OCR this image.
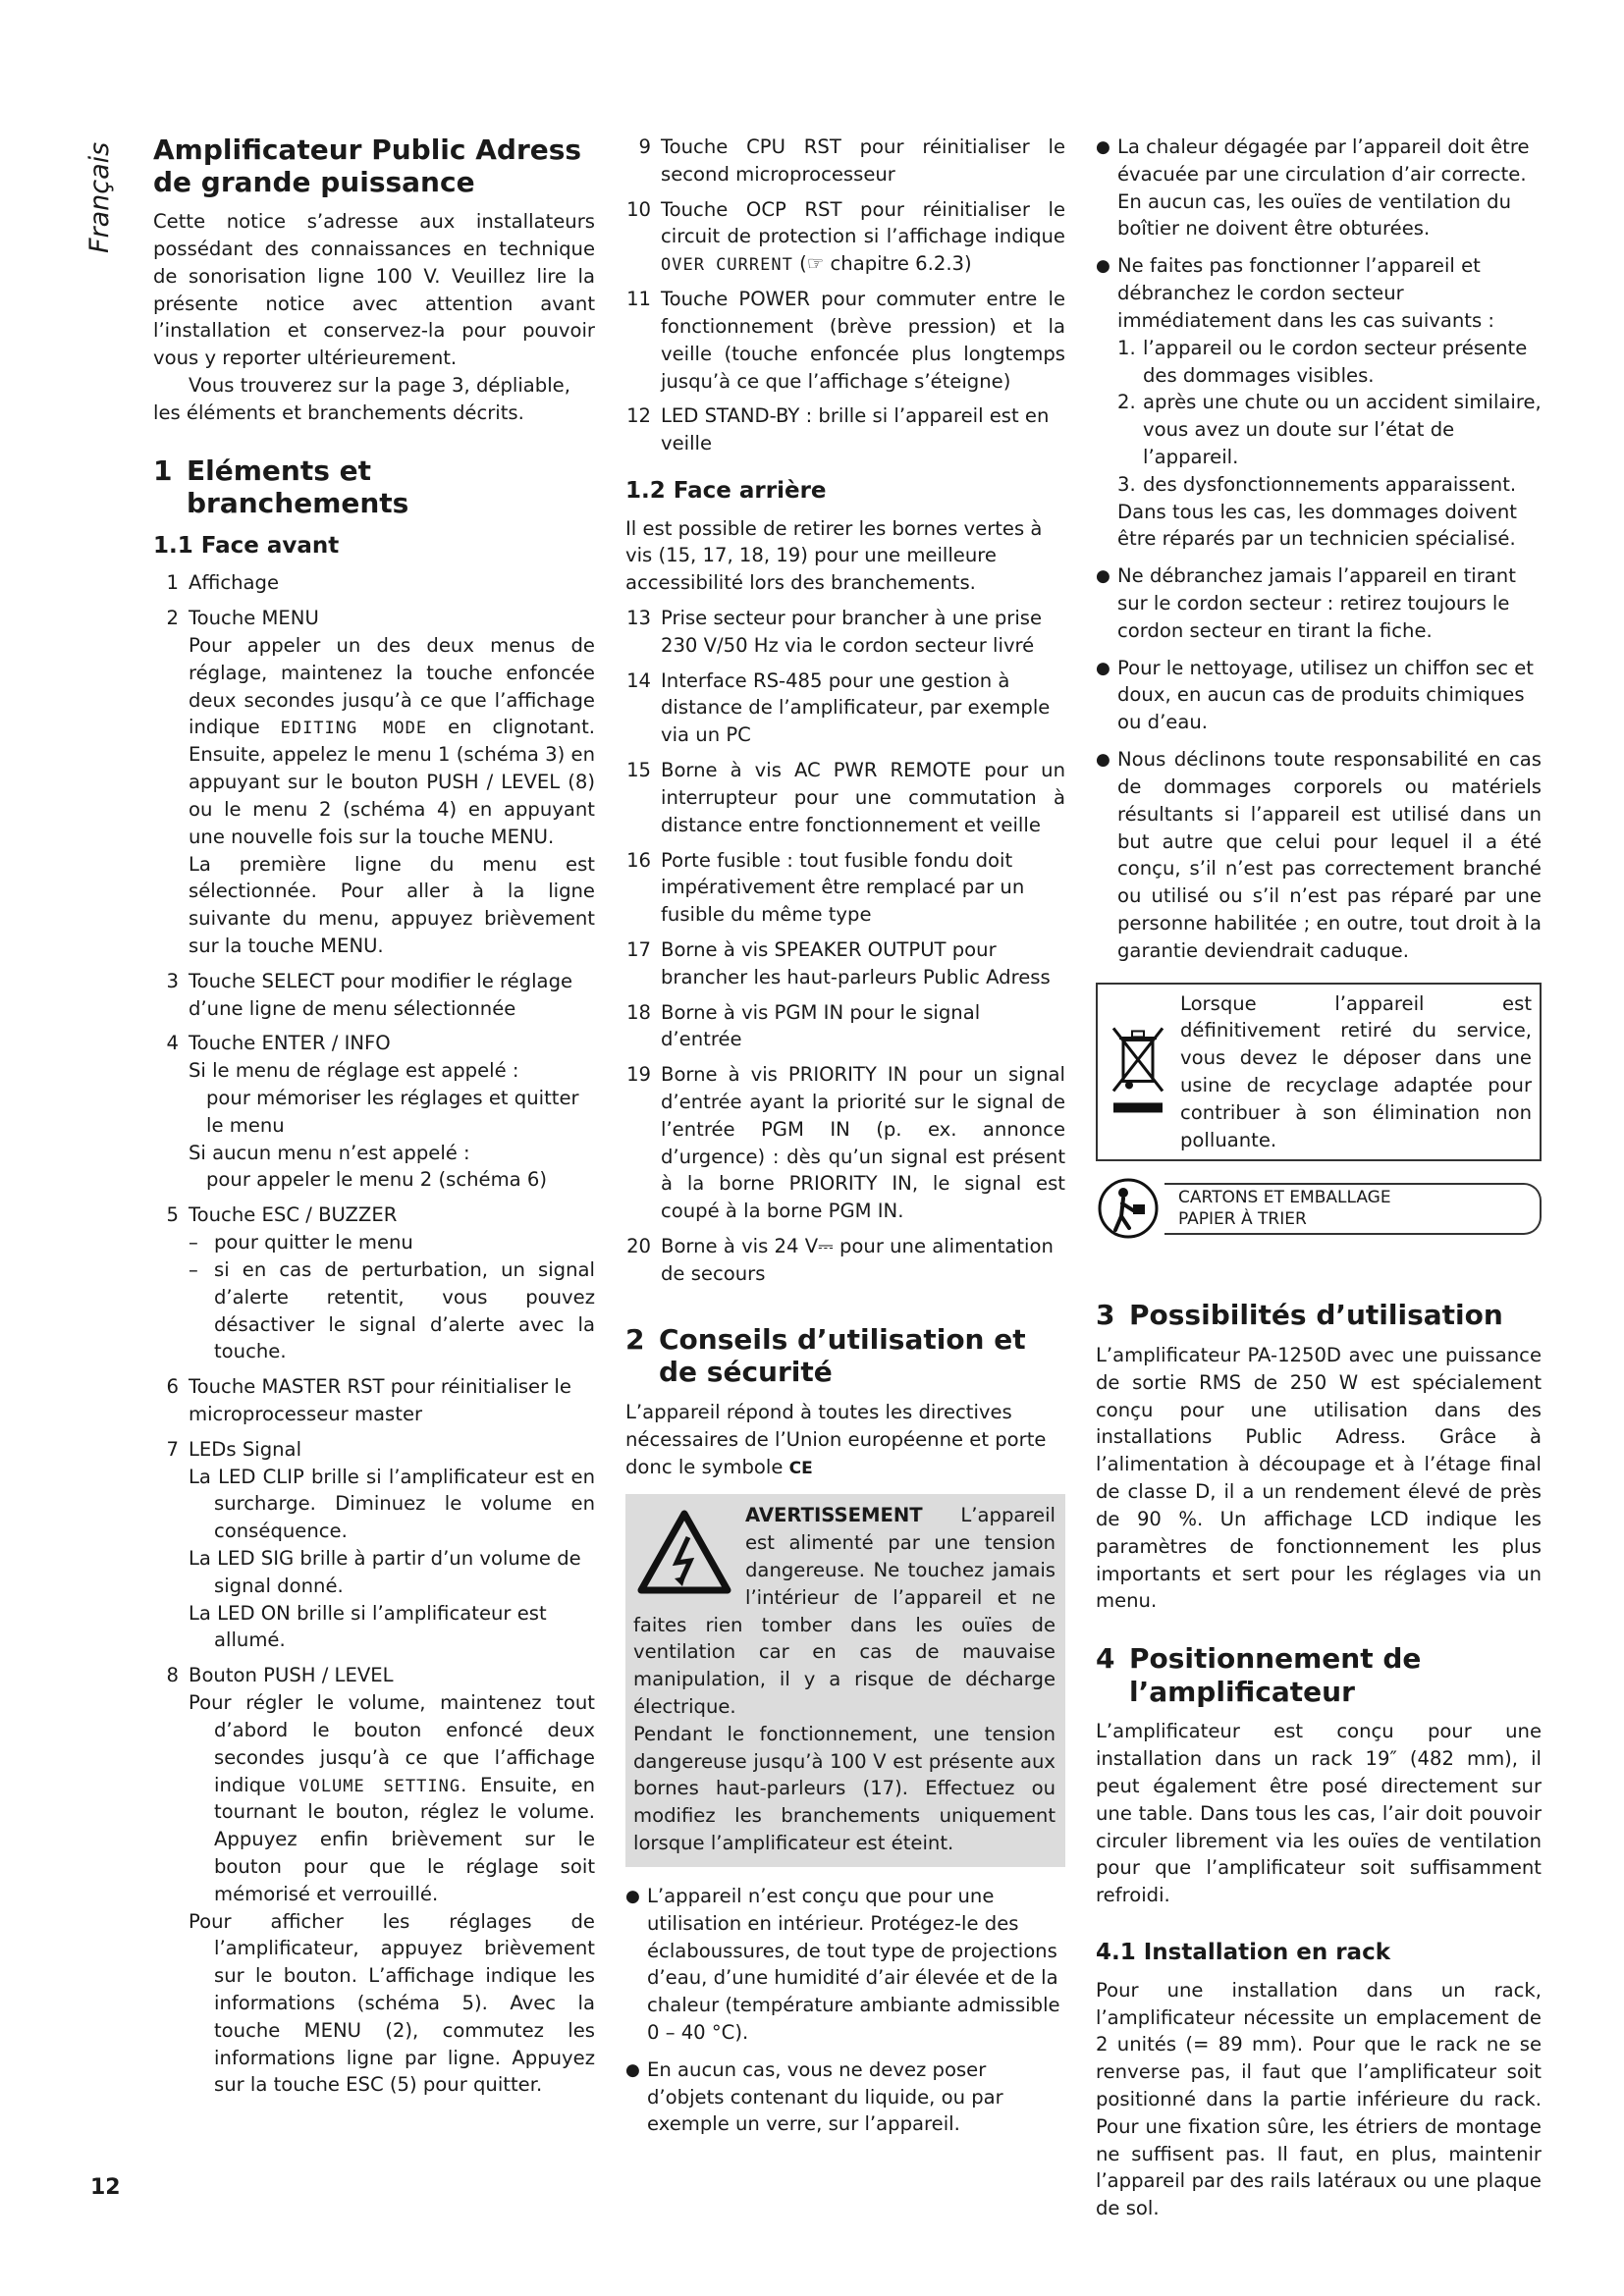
Français
12
Amplificateur Public Adress de grande puissance

Cette notice s’adresse aux installateurs possédant des connaissances en technique de sonorisation ligne 100 V. Veuillez lire la présente notice avec attention avant l’installation et conservez-la pour pouvoir vous y reporter ultérieurement.

Vous trouverez sur la page 3, dépliable, les éléments et branchements décrits.

1 Eléments et branchements
1.1 Face avant
1 Affichage
2 Touche MENU

Pour appeler un des deux menus de réglage, maintenez la touche enfoncée deux secondes jusqu’à ce que l’affichage indique EDITING MODE en clignotant. Ensuite, appelez le menu 1 (schéma 3) en appuyant sur le bouton PUSH / LEVEL (8) ou le menu 2 (schéma 4) en appuyant une nouvelle fois sur la touche MENU.

La première ligne du menu est sélectionnée. Pour aller à la ligne suivante du menu, appuyez brièvement sur la touche MENU.

3 Touche SELECT pour modifier le réglage d’une ligne de menu sélectionnée
4 Touche ENTER / INFO

Si le menu de réglage est appelé :

pour mémoriser les réglages et quitter le menu

Si aucun menu n’est appelé :

pour appeler le menu 2 (schéma 6)

5 Touche ESC / BUZZER

– pour quitter le menu
– si en cas de perturbation, un signal d’alerte retentit, vous pouvez désactiver le signal d’alerte avec la touche.
6 Touche MASTER RST pour réinitialiser le microprocesseur master
7 LEDs Signal

La LED CLIP brille si l’amplificateur est en surcharge. Diminuez le volume en conséquence.

La LED SIG brille à partir d’un volume de signal donné.

La LED ON brille si l’amplificateur est allumé.

8 Bouton PUSH / LEVEL

Pour régler le volume, maintenez tout d’abord le bouton enfoncé deux secondes jusqu’à ce que l’affichage indique VOLUME SETTING. Ensuite, en tournant le bouton, réglez le volume. Appuyez enfin brièvement sur le bouton pour que le réglage soit mémorisé et verrouillé.

Pour afficher les réglages de l’amplificateur, appuyez brièvement sur le bouton. L’affichage indique les informations (schéma 5). Avec la touche MENU (2), commutez les informations ligne par ligne. Appuyez sur la touche ESC (5) pour quitter.

9 Touche CPU RST pour réinitialiser le second microprocesseur
10 Touche OCP RST pour réinitialiser le circuit de protection si l’affichage indique OVER CURRENT (☞ chapitre 6.2.3)
11 Touche POWER pour commuter entre le fonctionnement (brève pression) et la veille (touche enfoncée plus longtemps jusqu’à ce que l’affichage s’éteigne)
12 LED STAND-BY : brille si l’appareil est en veille
1.2 Face arrière

Il est possible de retirer les bornes vertes à vis (15, 17, 18, 19) pour une meilleure accessibilité lors des branchements.

13 Prise secteur pour brancher à une prise 230 V/50 Hz via le cordon secteur livré
14 Interface RS-485 pour une gestion à distance de l’amplificateur, par exemple via un PC
15 Borne à vis AC PWR REMOTE pour un interrupteur pour une commutation à distance entre fonctionnement et veille
16 Porte fusible : tout fusible fondu doit impérativement être remplacé par un fusible du même type
17 Borne à vis SPEAKER OUTPUT pour brancher les haut-parleurs Public Adress
18 Borne à vis PGM IN pour le signal d’entrée
19 Borne à vis PRIORITY IN pour un signal d’entrée ayant la priorité sur le signal de l’entrée PGM IN (p. ex. annonce d’urgence) : dès qu’un signal est présent à la borne PRIORITY IN, le signal est coupé à la borne PGM IN.
20 Borne à vis 24 V⎓ pour une alimentation de secours
2 Conseils d’utilisation et de sécurité

L’appareil répond à toutes les directives nécessaires de l’Union européenne et porte donc le symbole CE

AVERTISSEMENT L’appareil est alimenté par une tension dangereuse. Ne touchez jamais l’intérieur de l’appareil et ne faites rien tomber dans les ouïes de ventilation car en cas de mauvaise manipulation, il y a risque de décharge électrique.

Pendant le fonctionnement, une tension dangereuse jusqu’à 100 V est présente aux bornes haut-parleurs (17). Effectuez ou modifiez les branchements uniquement lorsque l’amplificateur est éteint.

● L’appareil n’est conçu que pour une utilisation en intérieur. Protégez-le des éclaboussures, de tout type de projections d’eau, d’une humidité d’air élevée et de la chaleur (température ambiante admissible 0 – 40 °C).
● En aucun cas, vous ne devez poser d’objets contenant du liquide, ou par exemple un verre, sur l’appareil.
● La chaleur dégagée par l’appareil doit être évacuée par une circulation d’air correcte. En aucun cas, les ouïes de ventilation du boîtier ne doivent être obturées.
● Ne faites pas fonctionner l’appareil et débranchez le cordon secteur immédiatement dans les cas suivants :

1. l’appareil ou le cordon secteur présente des dommages visibles.
2. après une chute ou un accident similaire, vous avez un doute sur l’état de l’appareil.
3. des dysfonctionnements apparaissent.

Dans tous les cas, les dommages doivent être réparés par un technicien spécialisé.

● Ne débranchez jamais l’appareil en tirant sur le cordon secteur : retirez toujours le cordon secteur en tirant la fiche.
● Pour le nettoyage, utilisez un chiffon sec et doux, en aucun cas de produits chimiques ou d’eau.
● Nous déclinons toute responsabilité en cas de dommages corporels ou matériels résultants si l’appareil est utilisé dans un but autre que celui pour lequel il a été conçu, s’il n’est pas correctement branché ou utilisé ou s’il n’est pas réparé par une personne habilitée ; en outre, tout droit à la garantie deviendrait caduque.
Lorsque l’appareil est définitivement retiré du service, vous devez le déposer dans une usine de recyclage adaptée pour contribuer à son élimination non polluante.
CARTONS ET EMBALLAGE
PAPIER À TRIER
3 Possibilités d’utilisation

L’amplificateur PA-1250D avec une puissance de sortie RMS de 250 W est spécialement conçu pour une utilisation dans des installations Public Adress. Grâce à l’alimentation à découpage et à l’étage final de classe D, il a un rendement élevé de près de 90 %. Un affichage LCD indique les paramètres de fonctionnement les plus importants et sert pour les réglages via un menu.

4 Positionnement de l’amplificateur

L’amplificateur est conçu pour une installation dans un rack 19″ (482 mm), il peut également être posé directement sur une table. Dans tous les cas, l’air doit pouvoir circuler librement via les ouïes de ventilation pour que l’amplificateur soit suffisamment refroidi.

4.1 Installation en rack

Pour une installation dans un rack, l’amplificateur nécessite un emplacement de 2 unités (= 89 mm). Pour que le rack ne se renverse pas, il faut que l’amplificateur soit positionné dans la partie inférieure du rack. Pour une fixation sûre, les étriers de montage ne suffisent pas. Il faut, en plus, maintenir l’appareil par des rails latéraux ou une plaque de sol.
